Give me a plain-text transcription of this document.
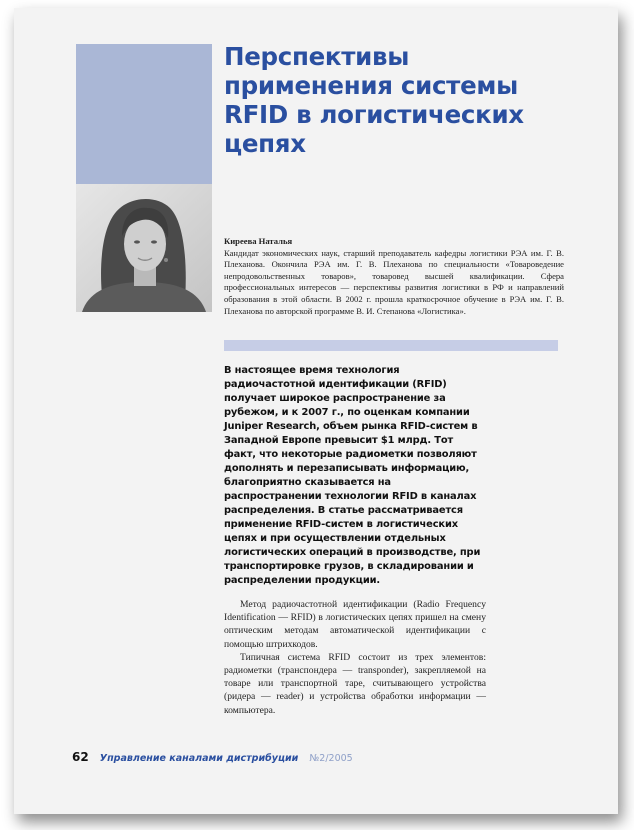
Перспективы применения системы RFID в логистических цепях
Киреева Наталья
Кандидат экономических наук, старший преподаватель кафедры логистики РЭА им. Г. В. Плеханова. Окончила РЭА им. Г. В. Плеханова по специальности «Товароведение непродовольственных товаров», товаровед высшей квалификации. Сфера профессиональных интересов — перспективы развития логистики в РФ и направлений образования в этой области. В 2002 г. прошла краткосрочное обучение в РЭА им. Г. В. Плеханова по авторской программе В. И. Степанова «Логистика».

В настоящее время технология радиочастотной идентификации (RFID) получает широкое распространение за рубежом, и к 2007 г., по оценкам компании Juniper Research, объем рынка RFID-систем в Западной Европе превысит $1 млрд. Тот факт, что некоторые радиометки позволяют дополнять и перезаписывать информацию, благоприятно сказывается на распространении технологии RFID в каналах распределения. В статье рассматривается применение RFID-систем в логистических цепях и при осуществлении отдельных логистических операций в производстве, при транспортировке грузов, в складировании и распределении продукции.

Метод радиочастотной идентификации (Radio Frequency Identification — RFID) в логистических цепях пришел на смену оптическим методам автоматической идентификации с помощью штрихкодов.

Типичная система RFID состоит из трех элементов: радиометки (транспондера — transponder), закрепляемой на товаре или транспортной таре, считывающего устройства (ридера — reader) и устройства обработки информации — компьютера.

62 Управление каналами дистрибуции №2/2005
